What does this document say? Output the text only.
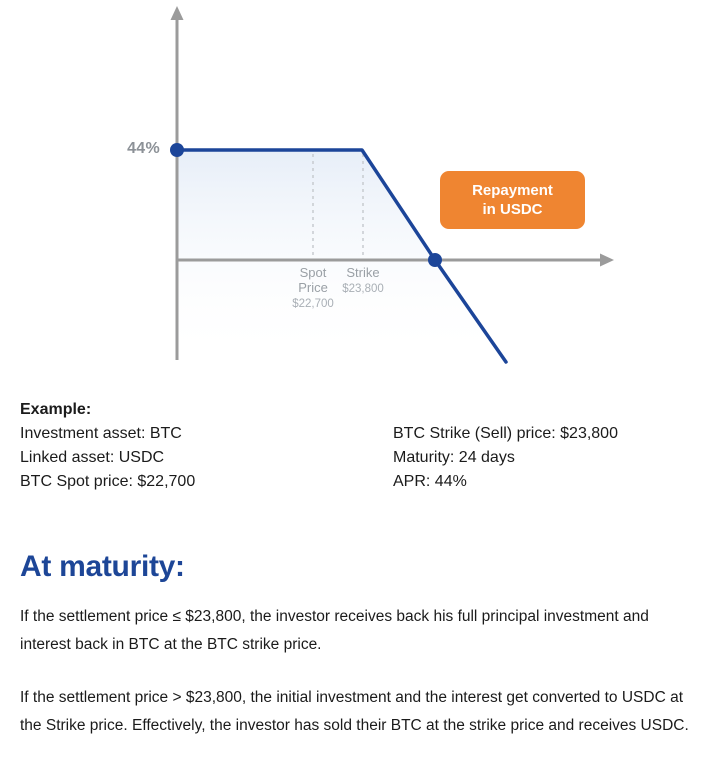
44%
Spot
Price
$22,700
Strike
$23,800
Repayment
in USDC
Example:
Investment asset: BTC
Linked asset: USDC
BTC Spot price: $22,700
BTC Strike (Sell) price: $23,800
Maturity: 24 days
APR: 44%
At maturity:

If the settlement price ≤ $23,800, the investor receives back his full principal investment and interest back in BTC at the BTC strike price.

If the settlement price > $23,800, the initial investment and the interest get converted to USDC at the Strike price. Effectively, the investor has sold their BTC at the strike price and receives USDC.
